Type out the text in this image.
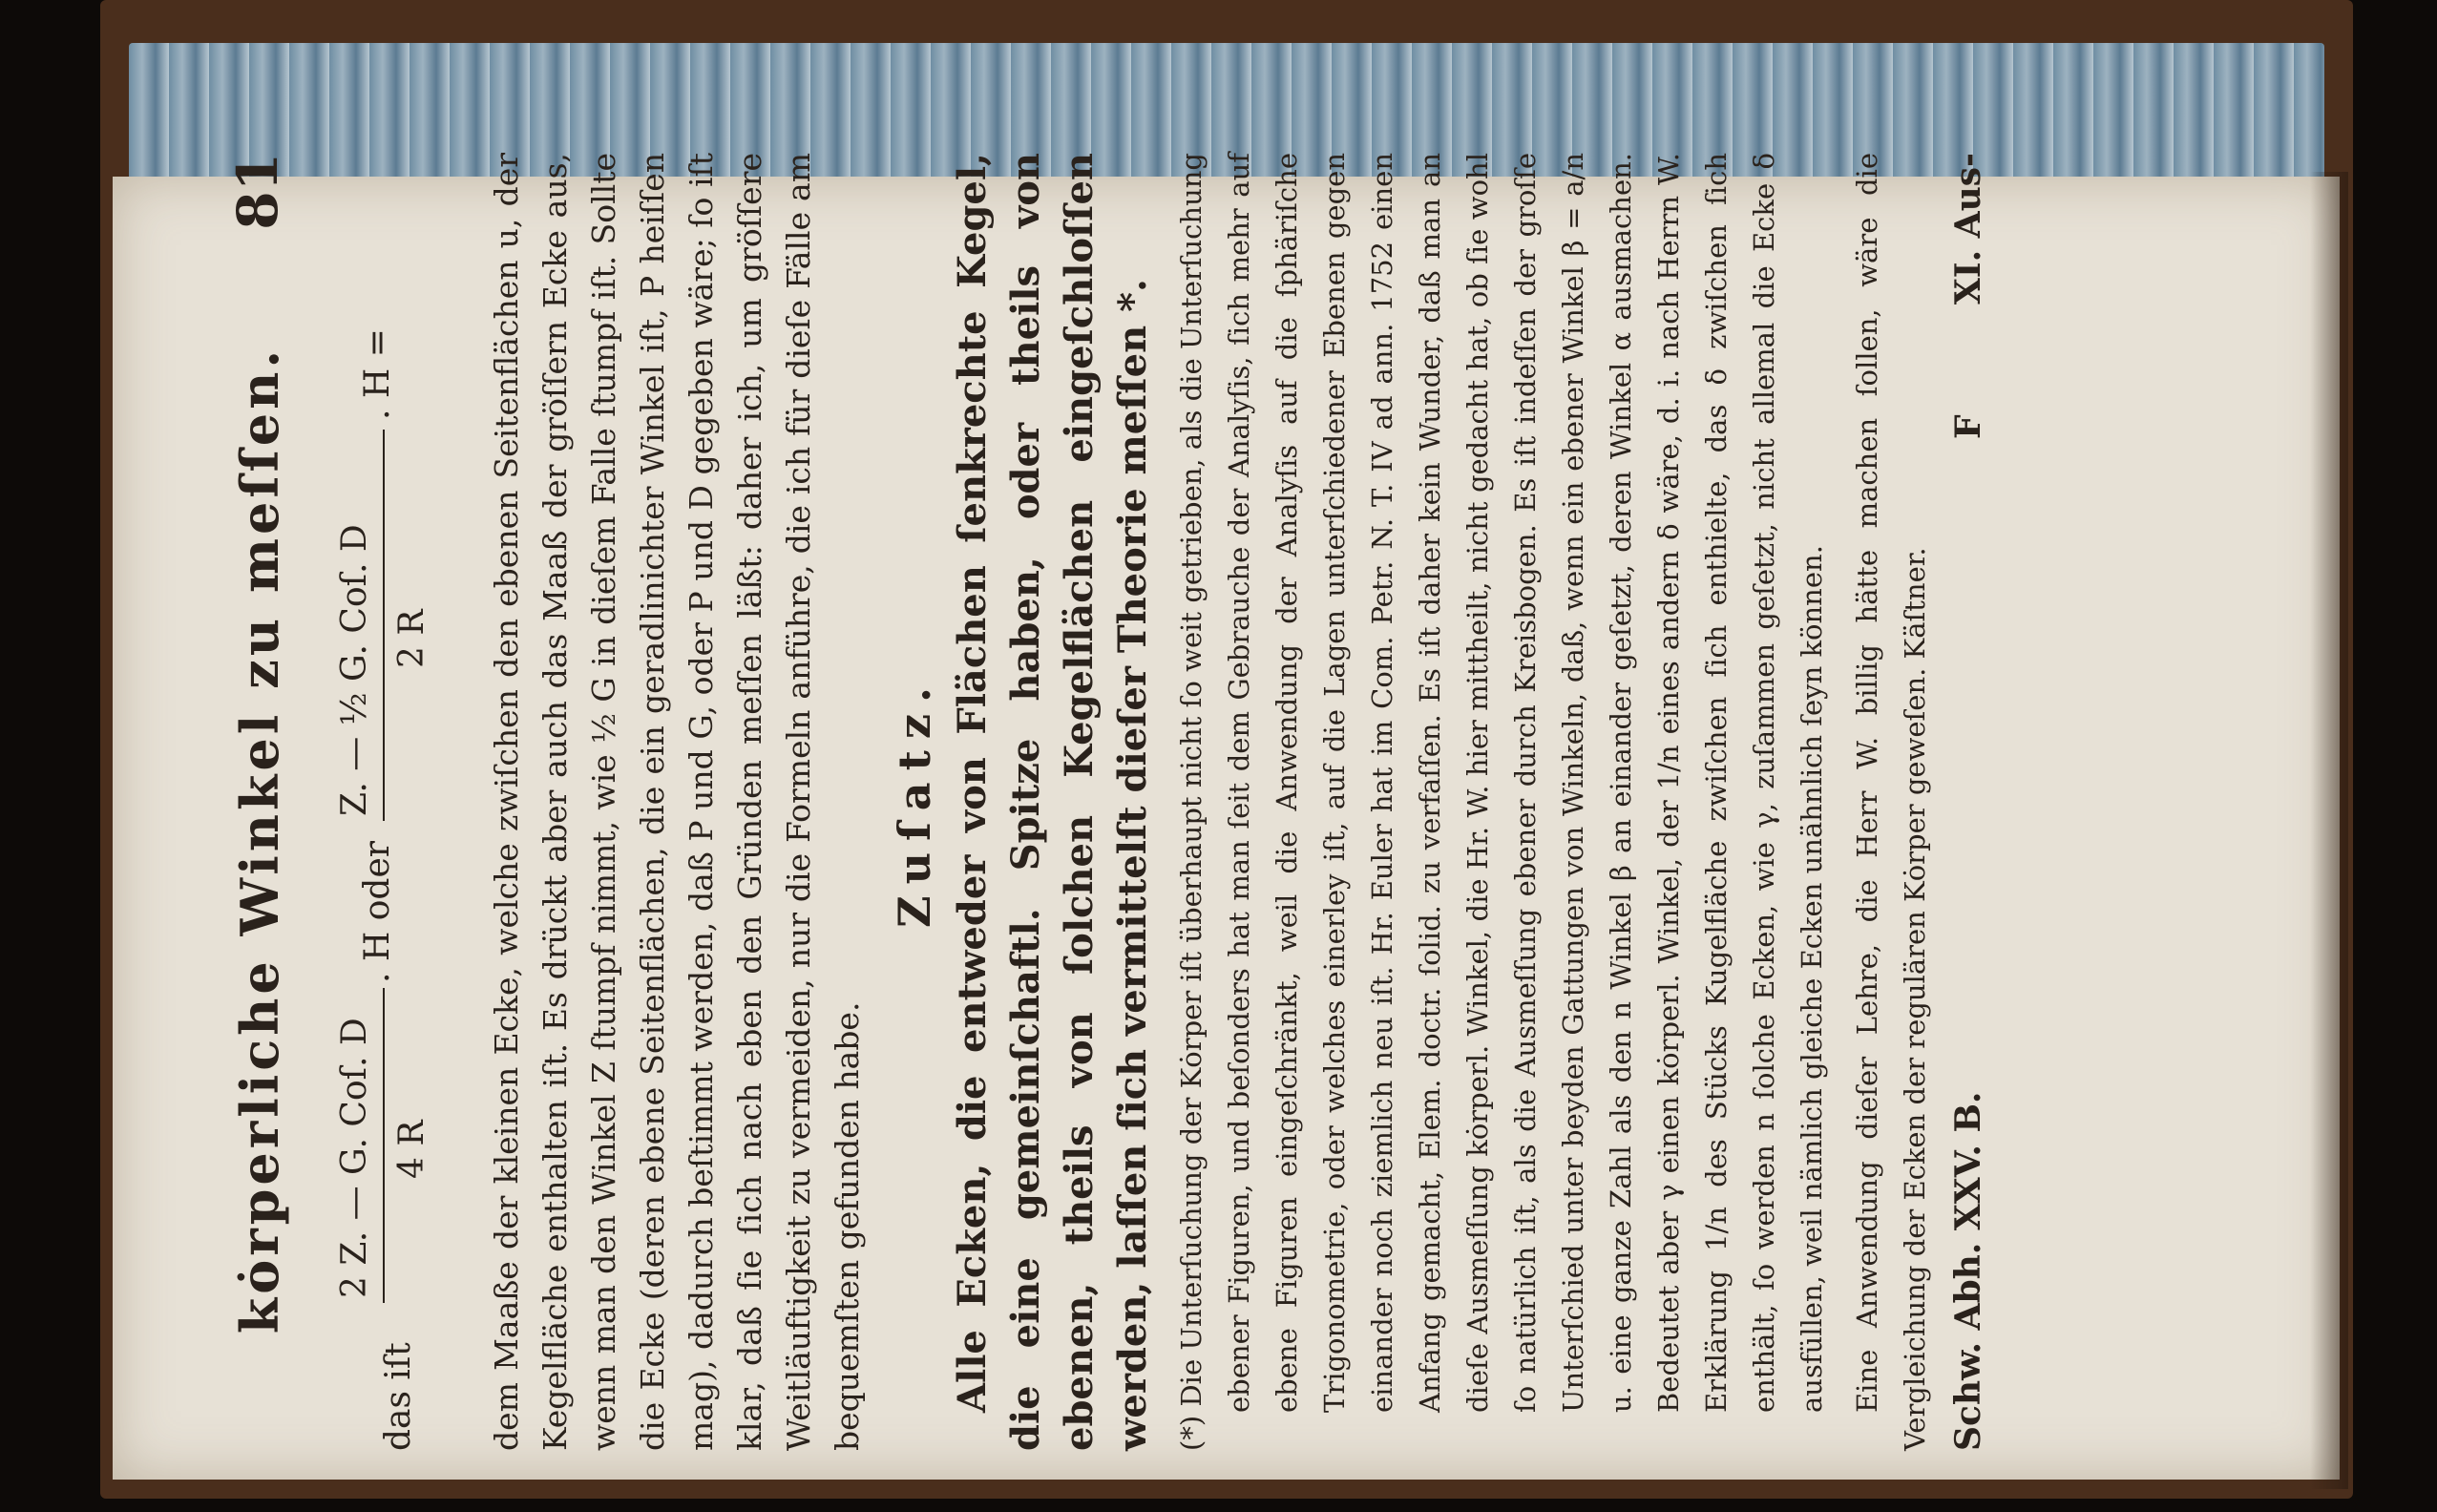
kȯrperliche Winkel zu meſſen.
81
das iſt
2 Z. — G. Coſ. D 4 R
. H oder
Z. — ½ G. Coſ. D 2 R
. H =	dem Maaße der kleinen Ecke, welche zwiſchen den ebenen Seitenflächen u, der Kegelfläche enthalten iſt. Es drückt aber auch das Maaß der gröſſern Ecke aus, wenn man den Winkel Z ſtumpf nimmt, wie ½ G in dieſem Falle ſtumpf iſt. Sollte die Ecke (deren ebene Seitenflächen, die ein geradlinichter Winkel iſt, P heiſſen mag), dadurch beſtimmt werden, daß P und G, oder P und D gegeben wäre; ſo iſt klar, daß ſie ſich nach eben den Gründen meſſen läßt: daher ich, um gröſſere Weitläuftigkeit zu vermeiden, nur die Formeln anführe, die ich für dieſe Fälle am bequemſten gefunden habe.

Zuſatz. Alle Ecken, die entweder von Flächen ſenkrechte Kegel, die eine gemeinſchaftl. Spitze haben, oder theils von ebenen, theils von ſolchen Kegelflächen eingeſchloſſen werden, laſſen ſich vermittelſt dieſer Theorie meſſen *. (*) Die Unterſuchung der Kȯrper iſt überhaupt nicht ſo weit getrieben, als die Unterſuchung ebener Figuren, und beſonders hat man ſeit dem Gebrauche der Analyſis, ſich mehr auf ebene Figuren eingeſchränkt, weil die Anwendung der Analyſis auf die ſphäriſche Trigonometrie, oder welches einerley iſt, auf die Lagen unterſchiedener Ebenen gegen einander noch ziemlich neu iſt. Hr. Euler hat im Com. Petr. N. T. IV ad ann. 1752 einen Anfang gemacht, Elem. doctr. ſolid. zu verfaſſen. Es iſt daher kein Wunder, daß man an dieſe Ausmeſſung kȯrperl. Winkel, die Hr. W. hier mittheilt, nicht gedacht hat, ob ſie wohl ſo natürlich iſt, als die Ausmeſſung ebener durch Kreisbogen. Es iſt indeſſen der groſſe Unterſchied unter beyden Gattungen von Winkeln, daß, wenn ein ebener Winkel β = a/n u. eine ganze Zahl als den n Winkel β an einander geſetzt, deren Winkel α ausmachen. Bedeutet aber γ einen kȯrperl. Winkel, der 1/n eines andern δ wäre, d. i. nach Herrn W. Erklärung 1/n des Stücks Kugelfläche zwiſchen ſich enthielte, das δ zwiſchen ſich enthält, ſo werden n ſolche Ecken, wie γ, zuſammen geſetzt, nicht allemal die Ecke δ ausfüllen, weil nämlich gleiche Ecken unähnlich ſeyn können. Eine Anwendung dieſer Lehre, die Herr W. billig hätte machen ſollen, wäre die Vergleichung der Ecken der regulären Kȯrper geweſen. Käſtner. Schw. Abh. XXV. B.
F
XI. Aus-
